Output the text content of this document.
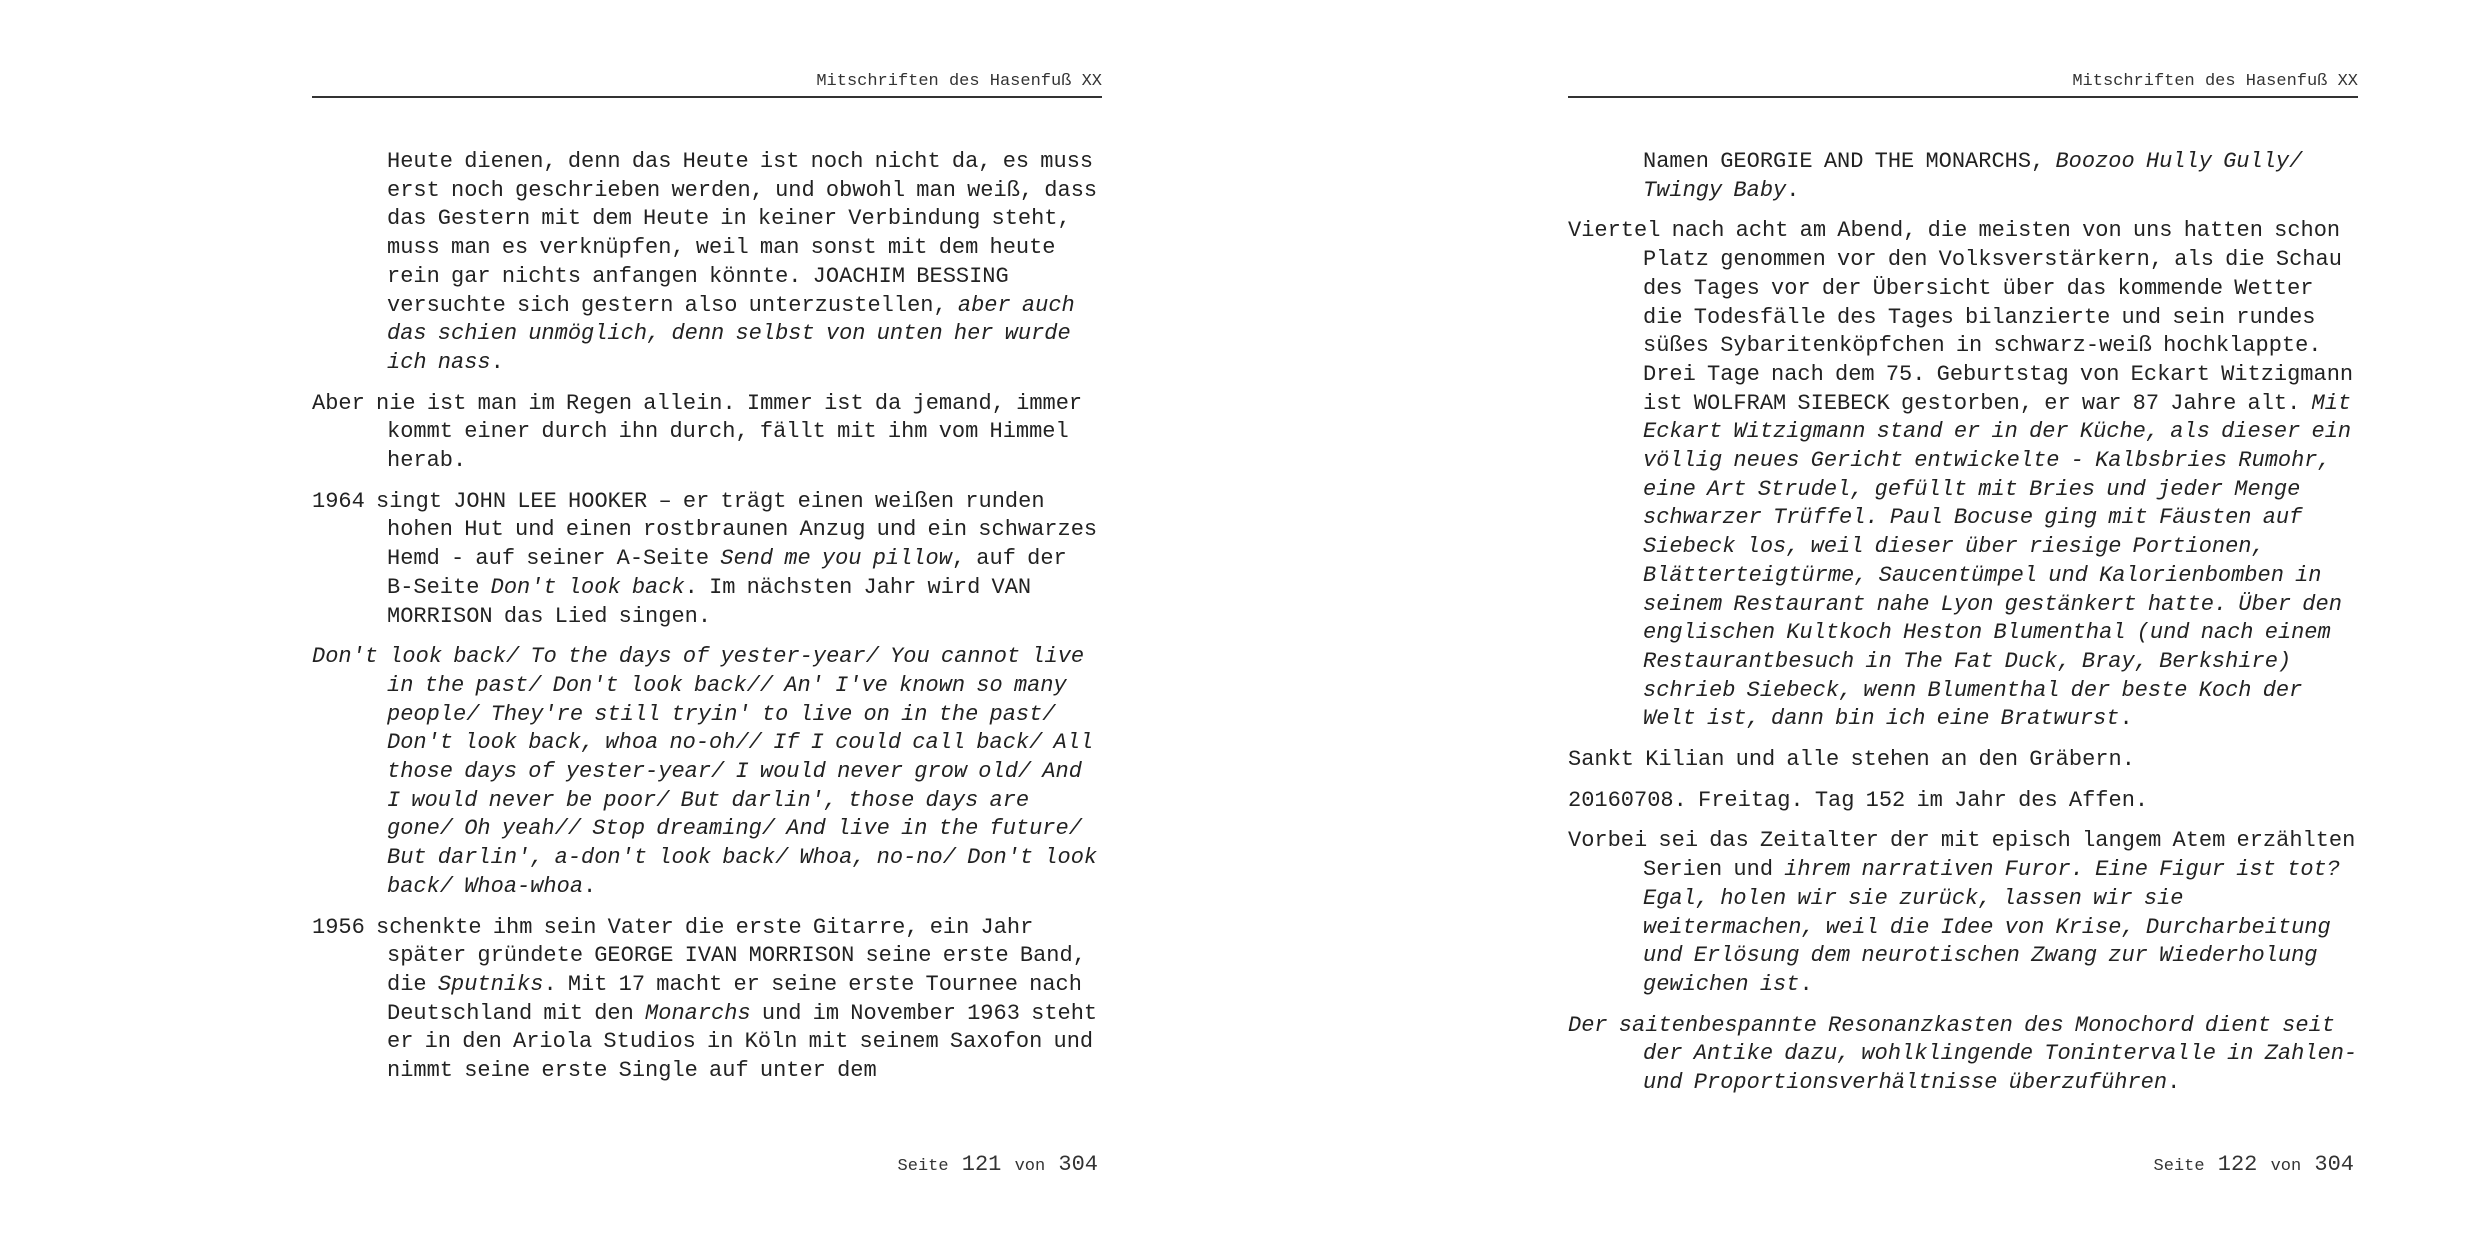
Mitschriften des Hasenfuß XX

Heute dienen, denn das Heute ist noch nicht da, es muss erst noch geschrieben werden, und obwohl man weiß, dass das Gestern mit dem Heute in keiner Verbindung steht, muss man es verknüpfen, weil man sonst mit dem heute rein gar nichts anfangen könnte. JOACHIM BESSING versuchte sich gestern also unterzustellen, aber auch das schien unmöglich, denn selbst von unten her wurde ich nass.

Aber nie ist man im Regen allein. Immer ist da jemand, immer kommt einer durch ihn durch, fällt mit ihm vom Himmel herab.

1964 singt JOHN LEE HOOKER – er trägt einen weißen runden hohen Hut und einen rostbraunen Anzug und ein schwarzes Hemd - auf seiner A-Seite Send me you pillow, auf der B-Seite Don't look back. Im nächsten Jahr wird VAN MORRISON das Lied singen.

Don't look back/ To the days of yester-year/ You cannot live in the past/ Don't look back// An' I've known so many people/ They're still tryin' to live on in the past/ Don't look back, whoa no-oh// If I could call back/ All those days of yester-year/ I would never grow old/ And I would never be poor/ But darlin', those days are gone/ Oh yeah// Stop dreaming/ And live in the future/ But darlin', a-don't look back/ Whoa, no-no/ Don't look back/ Whoa-whoa.

1956 schenkte ihm sein Vater die erste Gitarre, ein Jahr später gründete GEORGE IVAN MORRISON seine erste Band, die Sputniks. Mit 17 macht er seine erste Tournee nach Deutschland mit den Monarchs und im November 1963 steht er in den Ariola Studios in Köln mit seinem Saxofon und nimmt seine erste Single auf unter dem

Seite 121 von 304
Mitschriften des Hasenfuß XX

Namen GEORGIE AND THE MONARCHS, Boozoo Hully Gully/ Twingy Baby.

Viertel nach acht am Abend, die meisten von uns hatten schon Platz genommen vor den Volksverstärkern, als die Schau des Tages vor der Übersicht über das kommende Wetter die Todesfälle des Tages bilanzierte und sein rundes süßes Sybaritenköpfchen in schwarz-weiß hochklappte. Drei Tage nach dem 75. Geburtstag von Eckart Witzigmann ist WOLFRAM SIEBECK gestorben, er war 87 Jahre alt. Mit Eckart Witzigmann stand er in der Küche, als dieser ein völlig neues Gericht entwickelte - Kalbsbries Rumohr, eine Art Strudel, gefüllt mit Bries und jeder Menge schwarzer Trüffel. Paul Bocuse ging mit Fäusten auf Siebeck los, weil dieser über riesige Portionen, Blätterteigtürme, Saucentümpel und Kalorienbomben in seinem Restaurant nahe Lyon gestänkert hatte. Über den englischen Kultkoch Heston Blumenthal (und nach einem Restaurantbesuch in The Fat Duck, Bray, Berkshire) schrieb Siebeck, wenn Blumenthal der beste Koch der Welt ist, dann bin ich eine Bratwurst.

Sankt Kilian und alle stehen an den Gräbern.

20160708. Freitag. Tag 152 im Jahr des Affen.

Vorbei sei das Zeitalter der mit episch langem Atem erzählten Serien und ihrem narrativen Furor. Eine Figur ist tot? Egal, holen wir sie zurück, lassen wir sie weitermachen, weil die Idee von Krise, Durcharbeitung und Erlösung dem neurotischen Zwang zur Wiederholung gewichen ist.

Der saitenbespannte Resonanzkasten des Monochord dient seit der Antike dazu, wohlklingende Tonintervalle in Zahlen- und Proportionsverhältnisse überzuführen.

Seite 122 von 304
